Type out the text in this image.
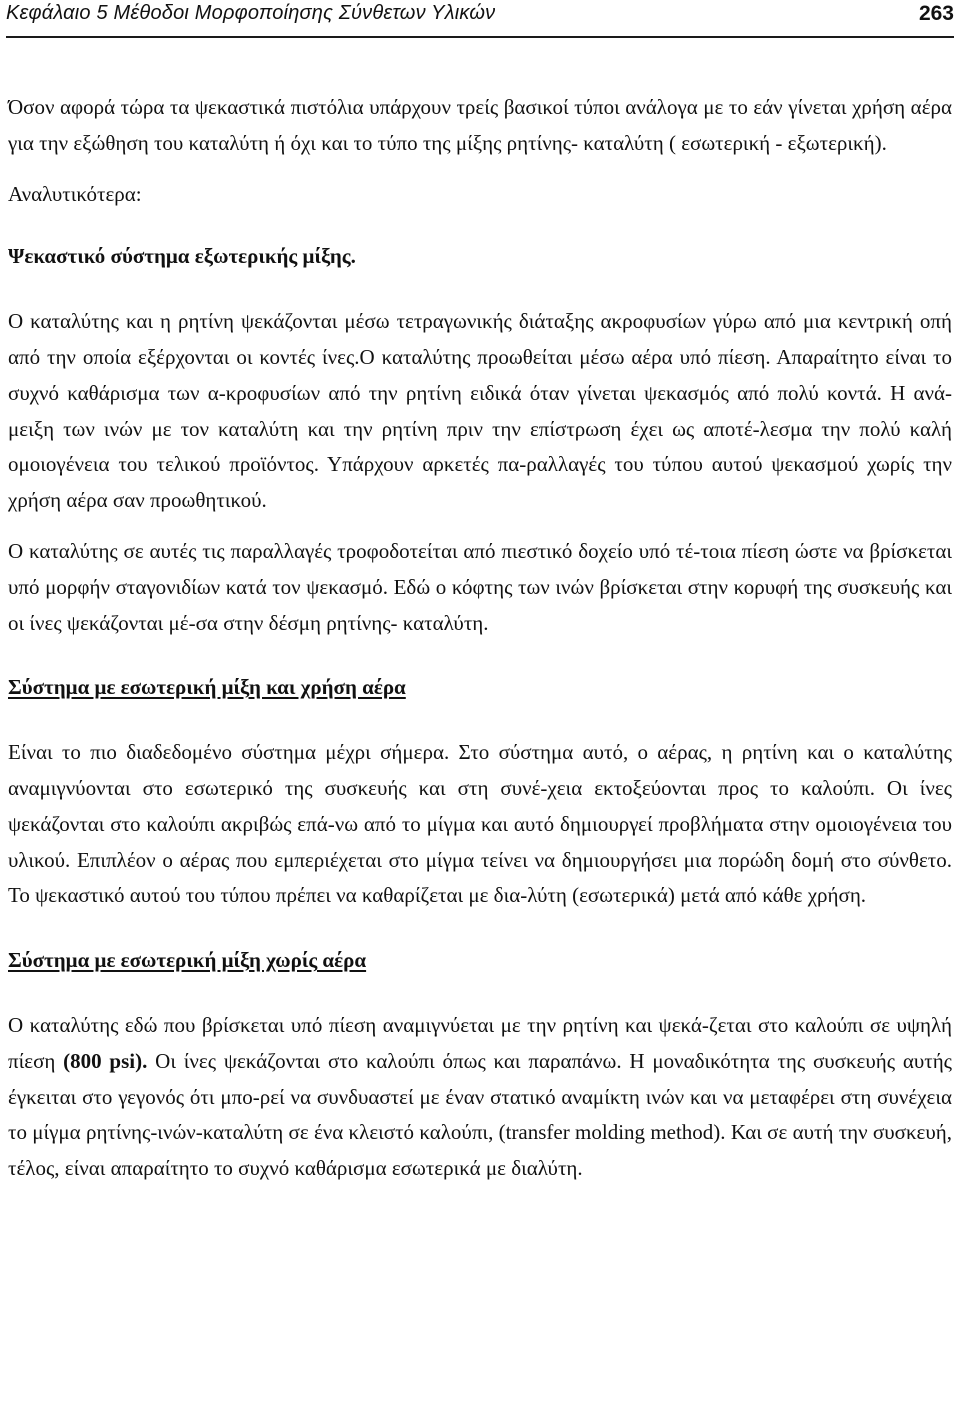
Κεφάλαιο 5 Μέθοδοι Μορφοποίησης Σύνθετων Υλικών	263

Όσον αφορά τώρα τα ψεκαστικά πιστόλια υπάρχουν τρείς βασικοί τύποι ανάλογα με το εάν γίνεται χρήση αέρα για την εξώθηση του καταλύτη ή όχι και το τύπο της μίξης ρητίνης- καταλύτη ( εσωτερική - εξωτερική).

Αναλυτικότερα:

Ψεκαστικό σύστημα εξωτερικής μίξης.

Ο καταλύτης και η ρητίνη ψεκάζονται μέσω τετραγωνικής διάταξης ακροφυσίων γύρω από μια κεντρική οπή από την οποία εξέρχονται οι κοντές ίνες.Ο καταλύτης προωθείται μέσω αέρα υπό πίεση. Απαραίτητο είναι το συχνό καθάρισμα των α-κροφυσίων από την ρητίνη ειδικά όταν γίνεται ψεκασμός από πολύ κοντά. Η ανά-μειξη των ινών με τον καταλύτη και την ρητίνη πριν την επίστρωση έχει ως αποτέ-λεσμα την πολύ καλή ομοιογένεια του τελικού προϊόντος. Υπάρχουν αρκετές πα-ραλλαγές του τύπου αυτού ψεκασμού χωρίς την χρήση αέρα σαν προωθητικού.

Ο καταλύτης σε αυτές τις παραλλαγές τροφοδοτείται από πιεστικό δοχείο υπό τέ-τοια πίεση ώστε να βρίσκεται υπό μορφήν σταγονιδίων κατά τον ψεκασμό. Εδώ ο κόφτης των ινών βρίσκεται στην κορυφή της συσκευής και οι ίνες ψεκάζονται μέ-σα στην δέσμη ρητίνης- καταλύτη.

Σύστημα με εσωτερική μίξη και χρήση αέρα

Είναι το πιο διαδεδομένο σύστημα μέχρι σήμερα. Στο σύστημα αυτό, ο αέρας, η ρητίνη και ο καταλύτης αναμιγνύονται στο εσωτερικό της συσκευής και στη συνέ-χεια εκτοξεύονται προς το καλούπι. Οι ίνες ψεκάζονται στο καλούπι ακριβώς επά-νω από το μίγμα και αυτό δημιουργεί προβλήματα στην ομοιογένεια του υλικού. Επιπλέον ο αέρας που εμπεριέχεται στο μίγμα τείνει να δημιουργήσει μια πορώδη δομή στο σύνθετο. Το ψεκαστικό αυτού του τύπου πρέπει να καθαρίζεται με δια-λύτη (εσωτερικά) μετά από κάθε χρήση.

Σύστημα με εσωτερική μίξη χωρίς αέρα

Ο καταλύτης εδώ που βρίσκεται υπό πίεση αναμιγνύεται με την ρητίνη και ψεκά-ζεται στο καλούπι σε υψηλή πίεση (800 psi). Οι ίνες ψεκάζονται στο καλούπι όπως και παραπάνω. Η μοναδικότητα της συσκευής αυτής έγκειται στο γεγονός ότι μπο-ρεί να συνδυαστεί με έναν στατικό αναμίκτη ινών και να μεταφέρει στη συνέχεια το μίγμα ρητίνης-ινών-καταλύτη σε ένα κλειστό καλούπι, (transfer molding method). Και σε αυτή την συσκευή, τέλος, είναι απαραίτητο το συχνό καθάρισμα εσωτερικά με διαλύτη.
